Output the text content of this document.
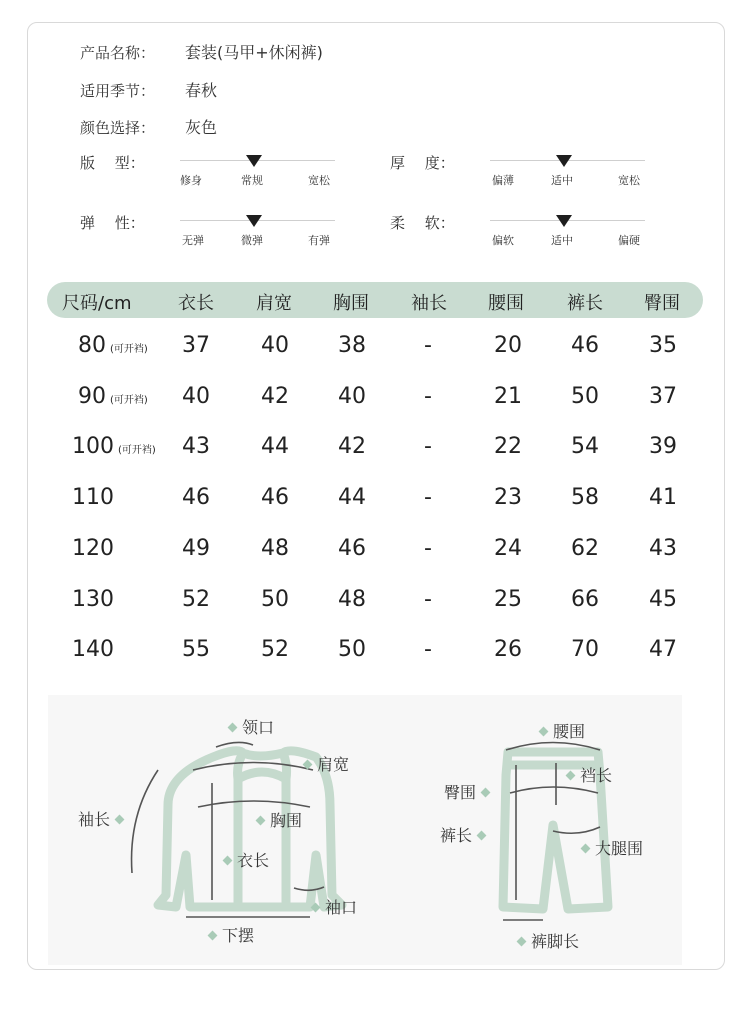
产品名称： 套装(马甲+休闲裤)
适用季节： 春秋
颜色选择： 灰色
版　 型：
修身	常规	宽松
厚　 度：
偏薄	适中	宽松
弹　 性：
无弹	微弹	有弹
柔　 软：
偏软	适中	偏硬
尺码/cm	衣长 肩宽 胸围 袖长 腰围 裤长 臀围
80 (可开裆)	37	40	38	-	20	46	35
90 (可开裆)	40	42	40	-	21	50	37
100 (可开裆)	43	44	42	-	22	54	39
110	46	46	44	-	23	58	41
120	49	48	46	-	24	62	43
130	52	50	48	-	25	66	45
140	55	52	50	-	26	70	47
领口
肩宽
袖长	胸围
衣长
袖口
下摆
腰围
臀围
裆长
裤长
大腿围
裤脚长
